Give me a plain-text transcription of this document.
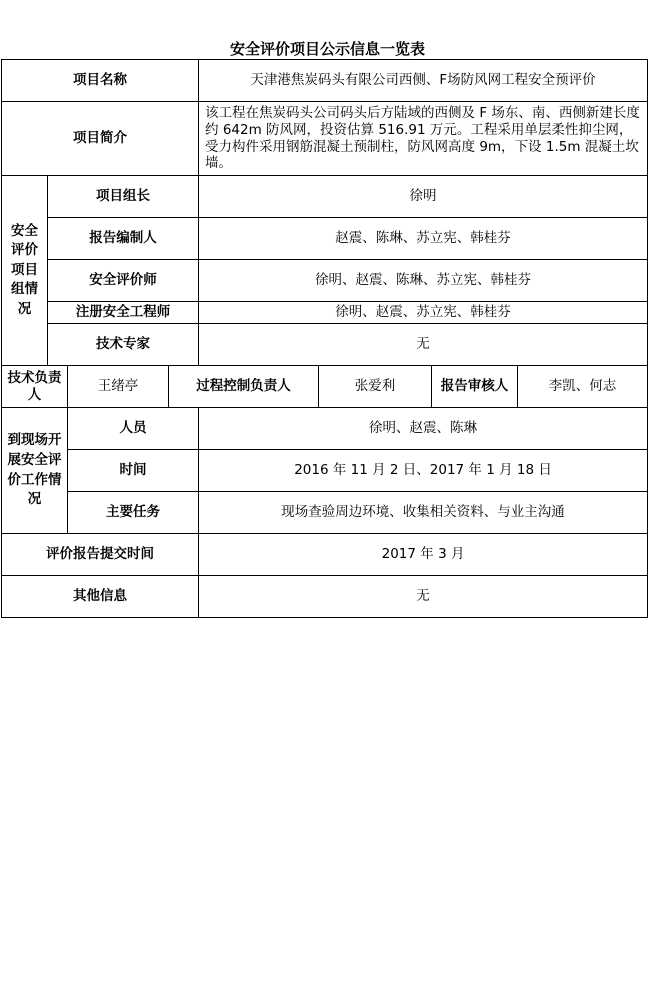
安全评价项目公示信息一览表
项目名称				天津港焦炭码头有限公司西侧、F场防风网工程安全预评价			
项目简介				该工程在焦炭码头公司码头后方陆域的西侧及 F 场东、南、西侧新建长度约 642m 防风网，投资估算 516.91 万元。工程采用单层柔性抑尘网，受力构件采用钢筋混凝土预制柱，防风网高度 9m，下设 1.5m 混凝土坎墙。			
安全评价项目组情况	项目组长			徐明			
	报告编制人			赵震、陈琳、苏立宪、韩桂芬			
	安全评价师			徐明、赵震、陈琳、苏立宪、韩桂芬			
	注册安全工程师			徐明、赵震、苏立宪、韩桂芬			
	技术专家			无			
技术负责人		王绪亭	过程控制负责人		张爱利	报告审核人	李凯、何志
到现场开展安全评价工作情况		人员		徐明、赵震、陈琳			
		时间		2016 年 11 月 2 日、2017 年 1 月 18 日			
		主要任务		现场查验周边环境、收集相关资料、与业主沟通			
评价报告提交时间				2017 年 3 月			
其他信息				无			
